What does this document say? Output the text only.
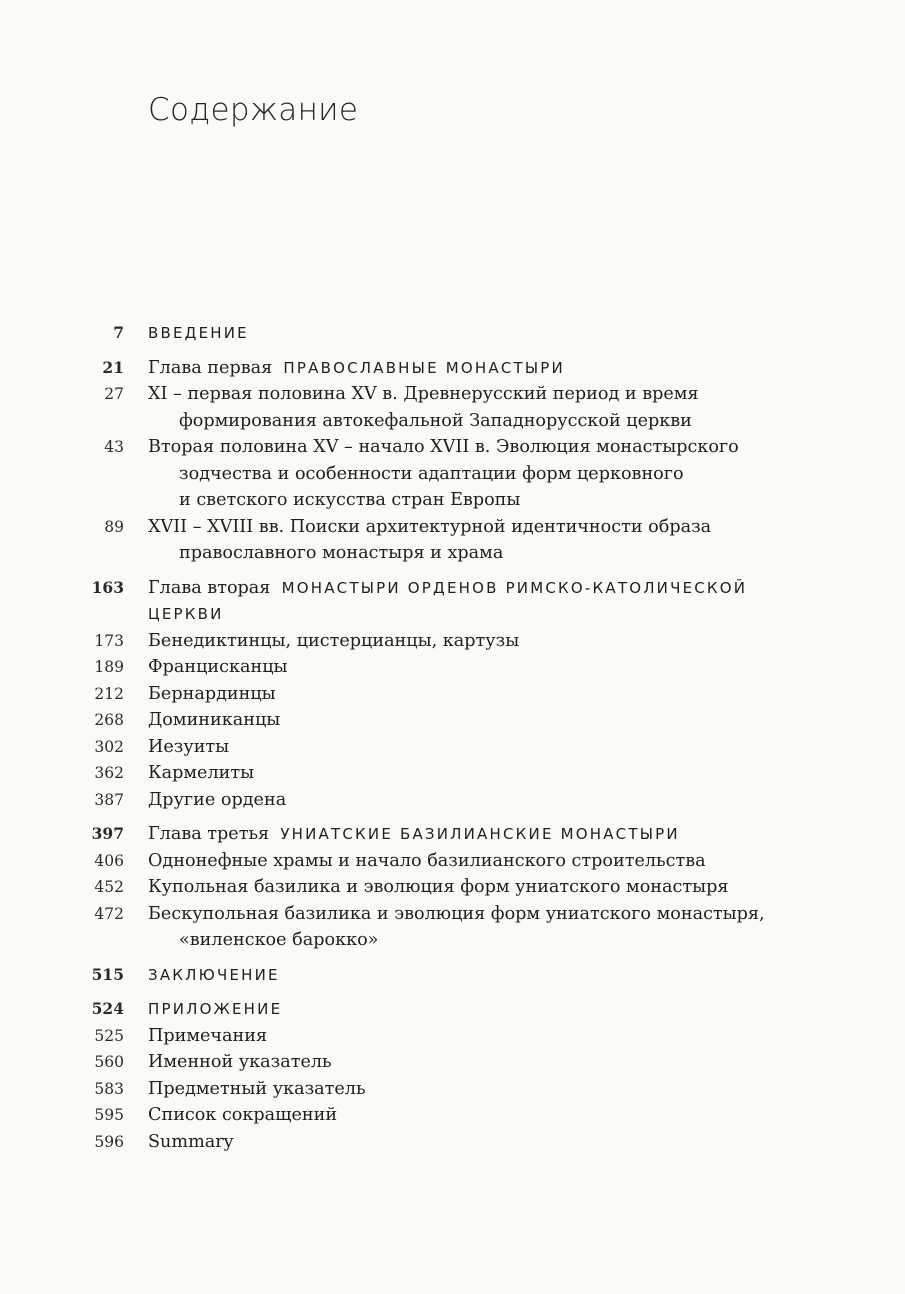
Содержание
7 ВВЕДЕНИЕ
21 Глава первая ПРАВОСЛАВНЫЕ МОНАСТЫРИ
27 XI – первая половина XV в. Древнерусский период и время
формирования автокефальной Западнорусской церкви
43 Вторая половина XV – начало XVII в. Эволюция монастырского
зодчества и особенности адаптации форм церковного
и светского искусства стран Европы
89 XVII – XVIII вв. Поиски архитектурной идентичности образа
православного монастыря и храма
163 Глава вторая МОНАСТЫРИ ОРДЕНОВ РИМСКО-КАТОЛИЧЕСКОЙ
ЦЕРКВИ
173 Бенедиктинцы, цистерцианцы, картузы
189 Францисканцы
212 Бернардинцы
268 Доминиканцы
302 Иезуиты
362 Кармелиты
387 Другие ордена
397 Глава третья УНИАТСКИЕ БАЗИЛИАНСКИЕ МОНАСТЫРИ
406 Однонефные храмы и начало базилианского строительства
452 Купольная базилика и эволюция форм униатского монастыря
472 Бескупольная базилика и эволюция форм униатского монастыря,
«виленское барокко»
515 ЗАКЛЮЧЕНИЕ
524 ПРИЛОЖЕНИЕ
525 Примечания
560 Именной указатель
583 Предметный указатель
595 Список сокращений
596 Summary
